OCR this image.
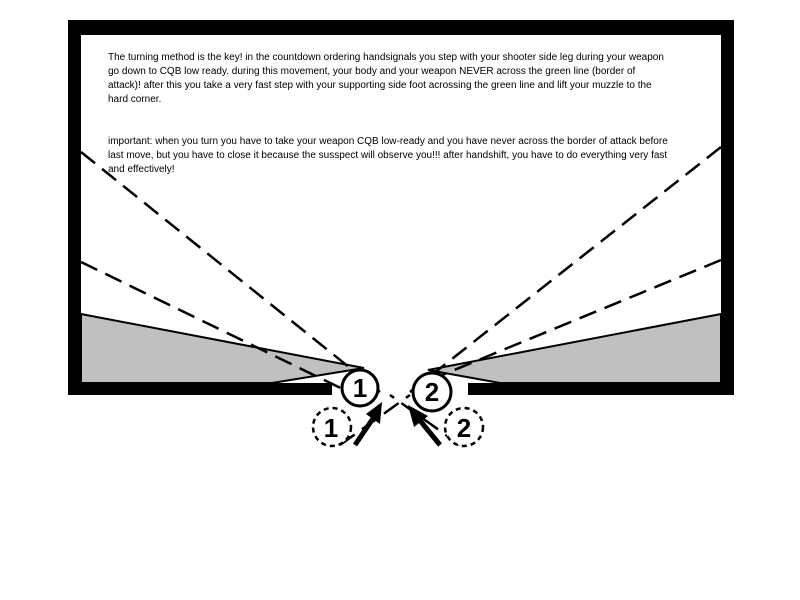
1 2
1	2
The turning method is the key! in the countdown ordering handsignals you step with your shooter side leg during your weapon go down to CQB low ready. during this movement, your body and your weapon NEVER across the green line (border of attack)! after this you take a very fast step with your supporting side foot acrossing the green line and lift your muzzle to the hard corner.
important: when you turn you have to take your weapon CQB low-ready and you have never across the border of attack before last move, but you have to close it because the susspect will observe you!!! after handshift, you have to do everything very fast and effectively!
